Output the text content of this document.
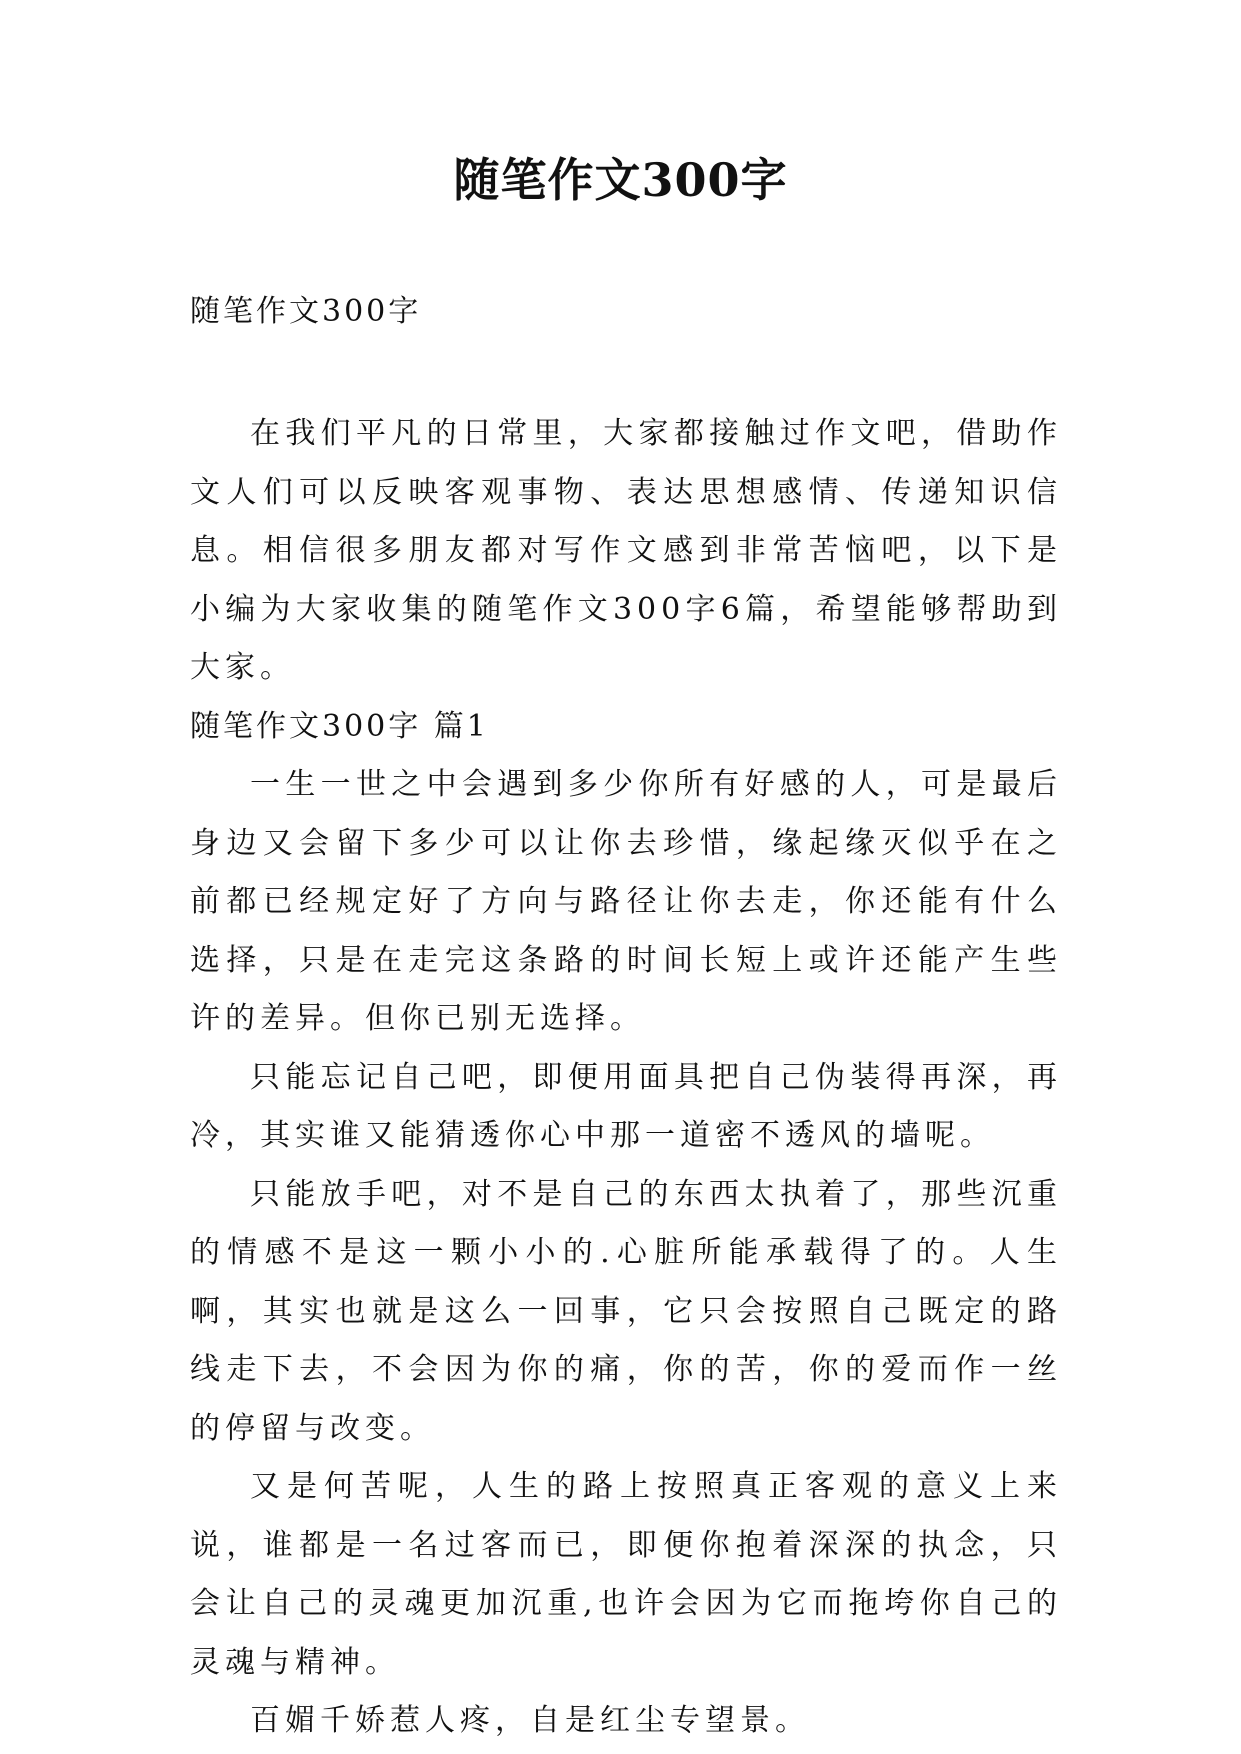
随笔作文300字
随笔作文300字

在我们平凡的日常里，大家都接触过作文吧，借助作文人们可以反映客观事物、表达思想感情、传递知识信息。相信很多朋友都对写作文感到非常苦恼吧，以下是小编为大家收集的随笔作文300字6篇，希望能够帮助到大家。

随笔作文300字 篇1

一生一世之中会遇到多少你所有好感的人，可是最后身边又会留下多少可以让你去珍惜，缘起缘灭似乎在之前都已经规定好了方向与路径让你去走，你还能有什么选择，只是在走完这条路的时间长短上或许还能产生些许的差异。但你已别无选择。

只能忘记自己吧，即便用面具把自己伪装得再深，再冷，其实谁又能猜透你心中那一道密不透风的墙呢。

只能放手吧，对不是自己的东西太执着了，那些沉重的情感不是这一颗小小的.心脏所能承载得了的。人生啊，其实也就是这么一回事，它只会按照自己既定的路线走下去，不会因为你的痛，你的苦，你的爱而作一丝的停留与改变。

又是何苦呢，人生的路上按照真正客观的意义上来说，谁都是一名过客而已，即便你抱着深深的执念，只会让自己的灵魂更加沉重,也许会因为它而拖垮你自己的灵魂与精神。

百媚千娇惹人疼，自是红尘专望景。
